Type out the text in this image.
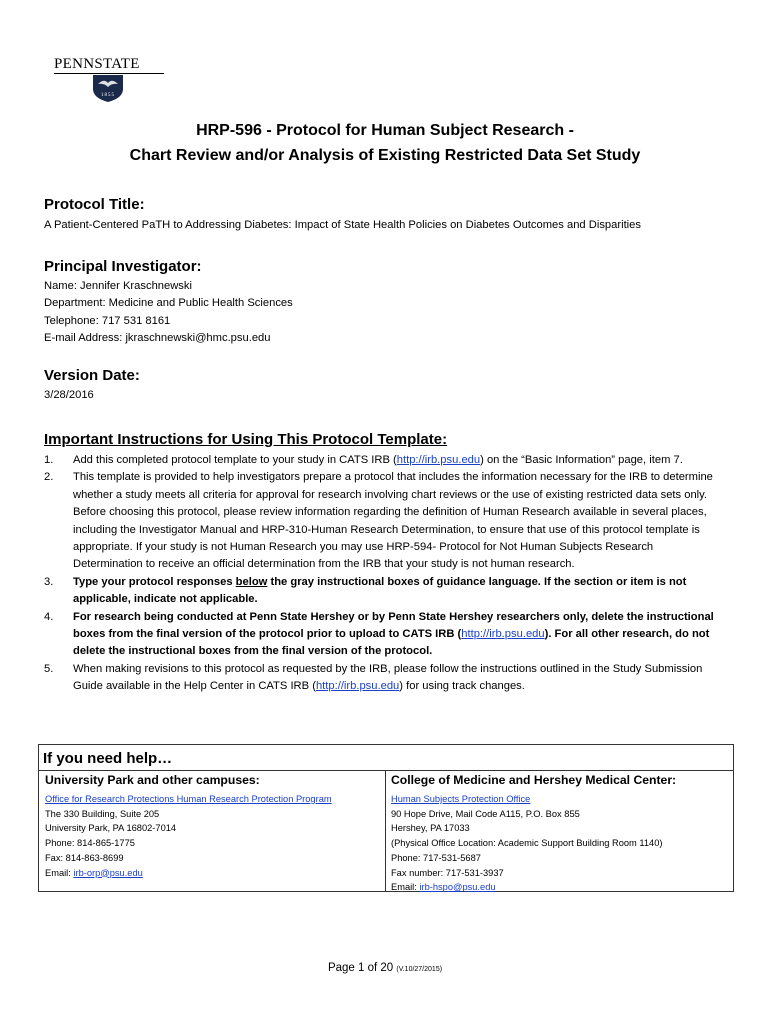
PENNSTATE
1855
HRP-596 - Protocol for Human Subject Research -
Chart Review and/or Analysis of Existing Restricted Data Set Study
Protocol Title:
A Patient-Centered PaTH to Addressing Diabetes: Impact of State Health Policies on Diabetes Outcomes and Disparities
Principal Investigator:
Name: Jennifer Kraschnewski
Department: Medicine and Public Health Sciences
Telephone: 717 531 8161
E-mail Address: jkraschnewski@hmc.psu.edu
Version Date:
3/28/2016
Important Instructions for Using This Protocol Template:
1. Add this completed protocol template to your study in CATS IRB (http://irb.psu.edu) on the “Basic Information” page, item 7.
2. This template is provided to help investigators prepare a protocol that includes the information necessary for the IRB to determine whether a study meets all criteria for approval for research involving chart reviews or the use of existing restricted data sets only. Before choosing this protocol, please review information regarding the definition of Human Research available in several places, including the Investigator Manual and HRP-310-Human Research Determination, to ensure that use of this protocol template is appropriate. If your study is not Human Research you may use HRP-594- Protocol for Not Human Subjects Research Determination to receive an official determination from the IRB that your study is not human research.
3. Type your protocol responses below the gray instructional boxes of guidance language. If the section or item is not applicable, indicate not applicable.
4. For research being conducted at Penn State Hershey or by Penn State Hershey researchers only, delete the instructional boxes from the final version of the protocol prior to upload to CATS IRB (http://irb.psu.edu). For all other research, do not delete the instructional boxes from the final version of the protocol.
5. When making revisions to this protocol as requested by the IRB, please follow the instructions outlined in the Study Submission Guide available in the Help Center in CATS IRB (http://irb.psu.edu) for using track changes.
If you need help…
University Park and other campuses:
Office for Research Protections Human Research Protection Program
The 330 Building, Suite 205
University Park, PA 16802-7014
Phone: 814-865-1775
Fax: 814-863-8699
Email: irb-orp@psu.edu
College of Medicine and Hershey Medical Center:
Human Subjects Protection Office
90 Hope Drive, Mail Code A115, P.O. Box 855
Hershey, PA 17033
(Physical Office Location: Academic Support Building Room 1140)
Phone: 717-531-5687
Fax number: 717-531-3937
Email: irb-hspo@psu.edu
Page 1 of 20 (V.10/27/2015)
